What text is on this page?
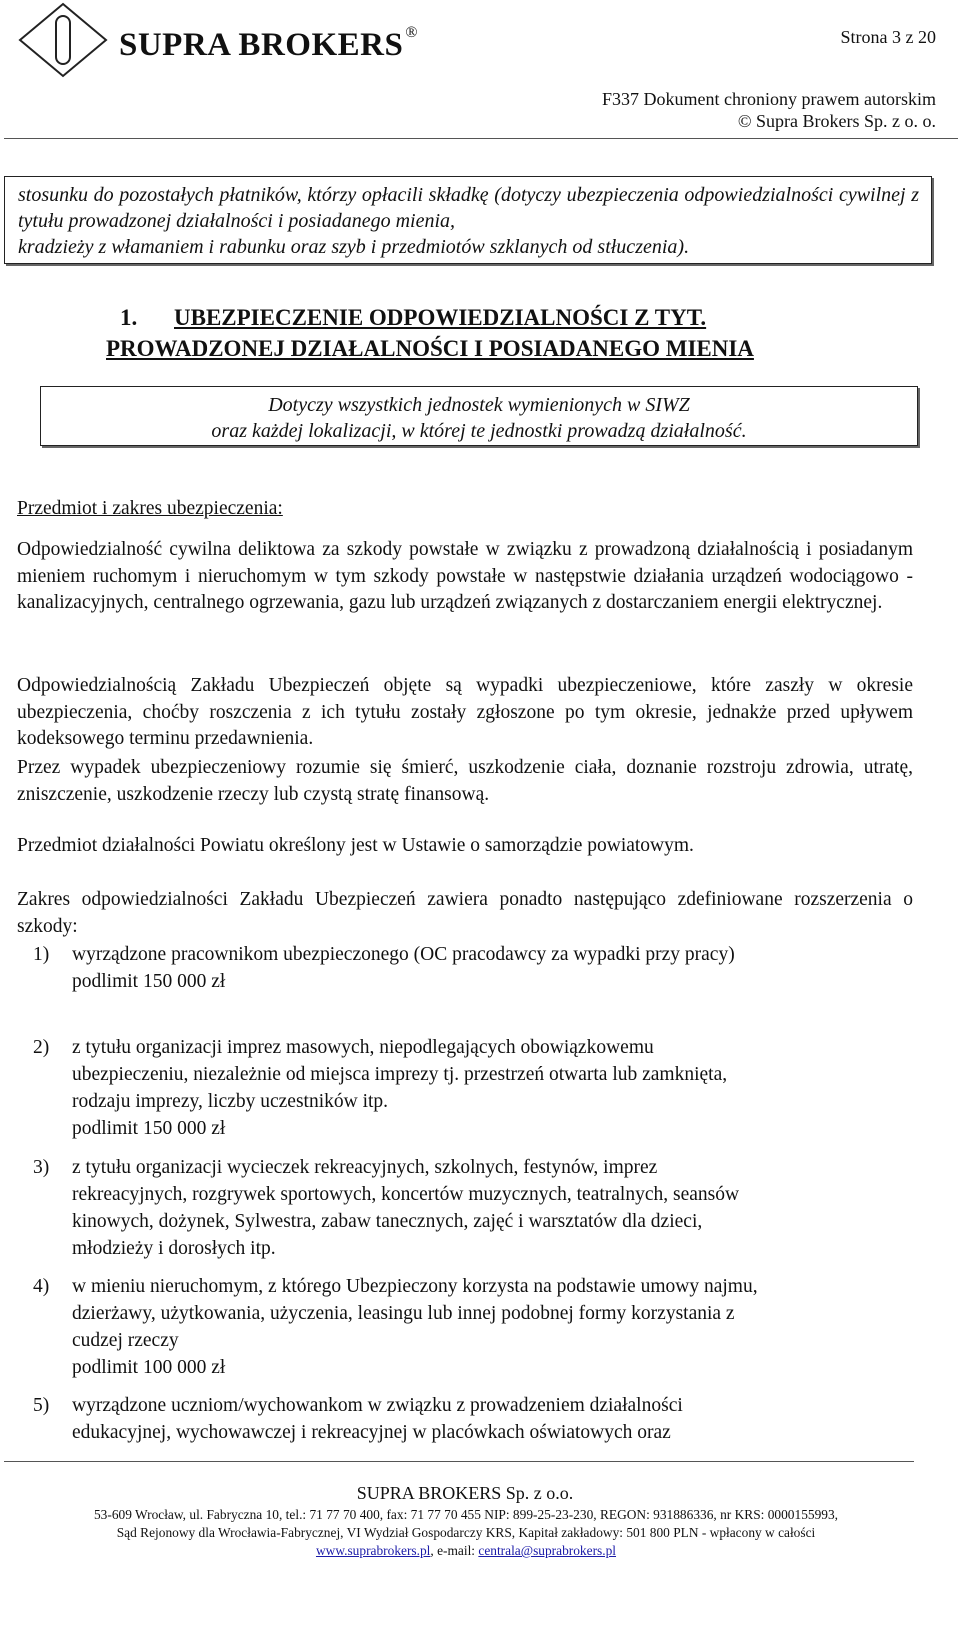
SUPRA BROKERS ®	Strona 3 z 20
F337 Dokument chroniony prawem autorskim
© Supra Brokers Sp. z o. o.

stosunku do pozostałych płatników, którzy opłacili składkę (dotyczy ubezpieczenia odpowiedzialności cywilnej z tytułu prowadzonej działalności i posiadanego mienia,
kradzieży z włamaniem i rabunku oraz szyb i przedmiotów szklanych od stłuczenia).

1. UBEZPIECZENIE ODPOWIEDZIALNOŚCI Z TYT.
PROWADZONEJ DZIAŁALNOŚCI I POSIADANEGO MIENIA
Dotyczy wszystkich jednostek wymienionych w SIWZ
oraz każdej lokalizacji, w której te jednostki prowadzą działalność.
Przedmiot i zakres ubezpieczenia:
Odpowiedzialność cywilna deliktowa za szkody powstałe w związku z prowadzoną działalnością i posiadanym mieniem ruchomym i nieruchomym w tym szkody powstałe w następstwie działania urządzeń wodociągowo - kanalizacyjnych, centralnego ogrzewania, gazu lub urządzeń związanych z dostarczaniem energii elektrycznej.
Odpowiedzialnością Zakładu Ubezpieczeń objęte są wypadki ubezpieczeniowe, które zaszły w okresie ubezpieczenia, choćby roszczenia z ich tytułu zostały zgłoszone po tym okresie, jednakże przed upływem kodeksowego terminu przedawnienia.
Przez wypadek ubezpieczeniowy rozumie się śmierć, uszkodzenie ciała, doznanie rozstroju zdrowia, utratę, zniszczenie, uszkodzenie rzeczy lub czystą stratę finansową.
Przedmiot działalności Powiatu określony jest w Ustawie o samorządzie powiatowym.
Zakres odpowiedzialności Zakładu Ubezpieczeń zawiera ponadto następująco zdefiniowane rozszerzenia o szkody:
1) wyrządzone pracownikom ubezpieczonego (OC pracodawcy za wypadki przy pracy)
podlimit 150 000 zł
2) z tytułu organizacji imprez masowych, niepodlegających obowiązkowemu
ubezpieczeniu, niezależnie od miejsca imprezy tj. przestrzeń otwarta lub zamknięta,
rodzaju imprezy, liczby uczestników itp.
podlimit 150 000 zł
3) z tytułu organizacji wycieczek rekreacyjnych, szkolnych, festynów, imprez
rekreacyjnych, rozgrywek sportowych, koncertów muzycznych, teatralnych, seansów
kinowych, dożynek, Sylwestra, zabaw tanecznych, zajęć i warsztatów dla dzieci,
młodzieży i dorosłych itp.
4) w mieniu nieruchomym, z którego Ubezpieczony korzysta na podstawie umowy najmu,
dzierżawy, użytkowania, użyczenia, leasingu lub innej podobnej formy korzystania z
cudzej rzeczy
podlimit 100 000 zł
5) wyrządzone uczniom/wychowankom w związku z prowadzeniem działalności
edukacyjnej, wychowawczej i rekreacyjnej w placówkach oświatowych oraz
SUPRA BROKERS Sp. z o.o.
53-609 Wrocław, ul. Fabryczna 10, tel.: 71 77 70 400, fax: 71 77 70 455 NIP: 899-25-23-230, REGON: 931886336, nr KRS: 0000155993,
Sąd Rejonowy dla Wrocławia-Fabrycznej, VI Wydział Gospodarczy KRS, Kapitał zakładowy: 501 800 PLN - wpłacony w całości
www.suprabrokers.pl, e-mail: centrala@suprabrokers.pl
